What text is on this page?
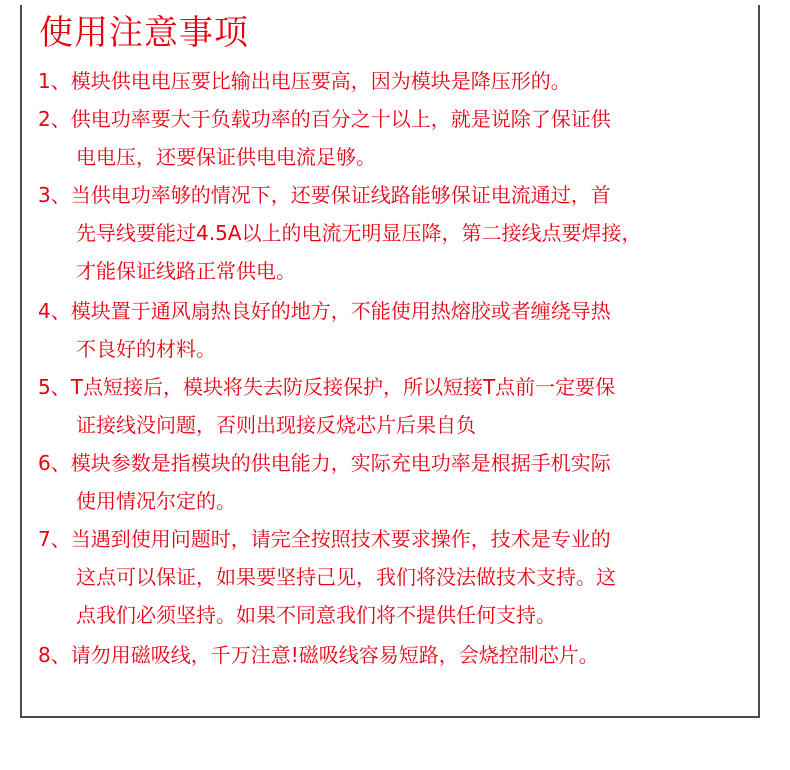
使用注意事项
1、模块供电电压要比输出电压要高，因为模块是降压形的。
2、供电功率要大于负载功率的百分之十以上，就是说除了保证供
电电压，还要保证供电电流足够。
3、当供电功率够的情况下，还要保证线路能够保证电流通过，首
先导线要能过4.5A以上的电流无明显压降，第二接线点要焊接，
才能保证线路正常供电。
4、模块置于通风扇热良好的地方，不能使用热熔胶或者缠绕导热
不良好的材料。
5、T点短接后，模块将失去防反接保护，所以短接T点前一定要保
证接线没问题，否则出现接反烧芯片后果自负
6、模块参数是指模块的供电能力，实际充电功率是根据手机实际
使用情况尔定的。
7、当遇到使用问题时，请完全按照技术要求操作，技术是专业的
这点可以保证，如果要坚持己见，我们将没法做技术支持。这
点我们必须坚持。如果不同意我们将不提供任何支持。
8、请勿用磁吸线，千万注意!磁吸线容易短路，会烧控制芯片。
